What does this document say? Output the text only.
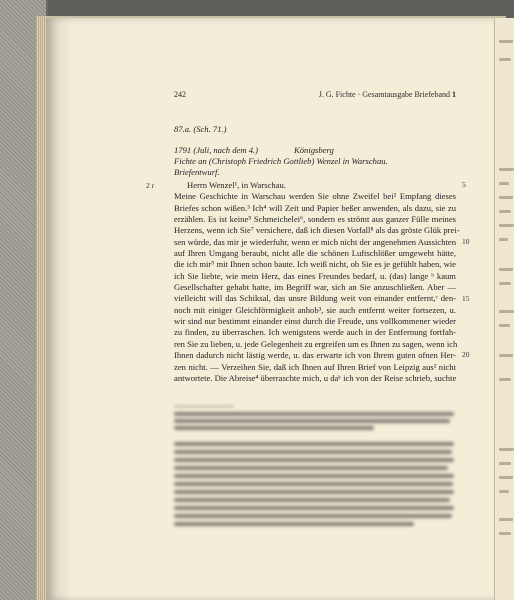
242	J. G. Fichte · Gesamtausgabe Briefeband 1
87.a. (Sch. 71.)
1791 (Juli, nach dem 4.)	Königsberg
Fichte an (Christoph Friedrich Gottlieb) Wenzel in Warschau.
Briefentwurf.
2 r	5
10
15
20
Herrn Wenzel¹, in Warschau.
Meine Geschichte in Warschau werden Sie ohne Zweifel bei² Empfang dieses
Briefes schon wißen.³ Ich⁴ will Zeit und Papier beßer anwenden, als dazu, sie zu
erzählen. Es ist keine⁵ Schmeichelei⁶, sondern es strömt aus ganzer Fülle meines
Herzens, wenn ich Sie⁷ versichere, daß ich diesen Vorfall⁸ als das gröste Glük prei-
sen würde, das mir je wiederfuhr, wenn er mich nicht der angenehmen Aussichten
auf Ihren Umgang beraubt, nicht alle die schönen Luftschlößer umgeweht hätte,
die ich mir⁹ mit Ihnen schon baute. Ich weiß nicht, ob Sie es je gefühlt haben, wie
ich Sie liebte, wie mein Herz, das eines Freundes bedarf, u. (das) lange ᵇ kaum
Gesellschafter gehabt hatte, im Begriff war, sich an Sie anzuschließen. Aber —
vielleicht will das Schiksal, das unsre Bildung weit von einander entfernt,ᶜ den-
noch mit einiger Gleichförmigkeit anhob³, sie auch entfernt weiter fortsezen, u.
wir sind nur bestimmt einander einst durch die Freude, uns vollkommener wieder
zu finden, zu überraschen. Ich wenigstens werde auch in der Entfernung fortfah-
ren Sie zu lieben, u. jede Gelegenheit zu ergreifen um es Ihnen zu sagen, wenn ich
Ihnen dadurch nicht lästig werde, u. das erwarte ich von Ihrem guten ofnen Her-
zen nicht. — Verzeihen Sie, daß ich Ihnen auf Ihren Brief von Leipzig aus² nicht
antwortete. Die Abreise⁴ überraschte mich, u daᵏ ich von der Reise schrieb, suchte
